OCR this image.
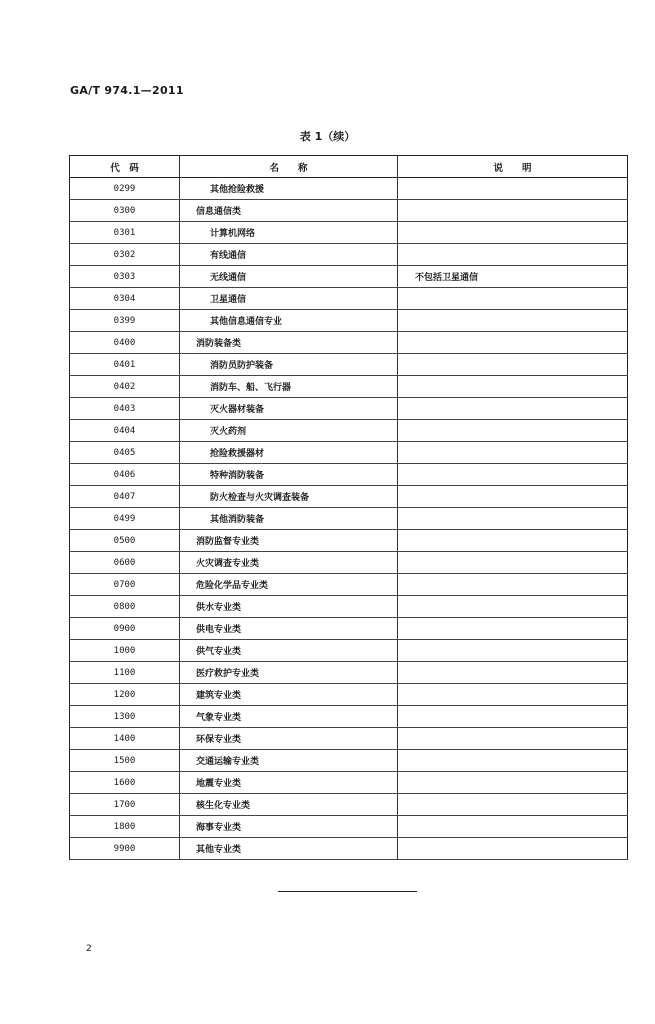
GA/T 974.1—2011
表 1（续）
代　码	名　　称	说　　明
0299	其他抢险救援	
0300	信息通信类	
0301	计算机网络	
0302	有线通信	
0303	无线通信	不包括卫星通信
0304	卫星通信	
0399	其他信息通信专业	
0400	消防装备类	
0401	消防员防护装备	
0402	消防车、船、飞行器	
0403	灭火器材装备	
0404	灭火药剂	
0405	抢险救援器材	
0406	特种消防装备	
0407	防火检查与火灾调查装备	
0499	其他消防装备	
0500	消防监督专业类	
0600	火灾调查专业类	
0700	危险化学品专业类	
0800	供水专业类	
0900	供电专业类	
1000	供气专业类	
1100	医疗救护专业类	
1200	建筑专业类	
1300	气象专业类	
1400	环保专业类	
1500	交通运输专业类	
1600	地震专业类	
1700	核生化专业类	
1800	海事专业类	
9900	其他专业类	
2
